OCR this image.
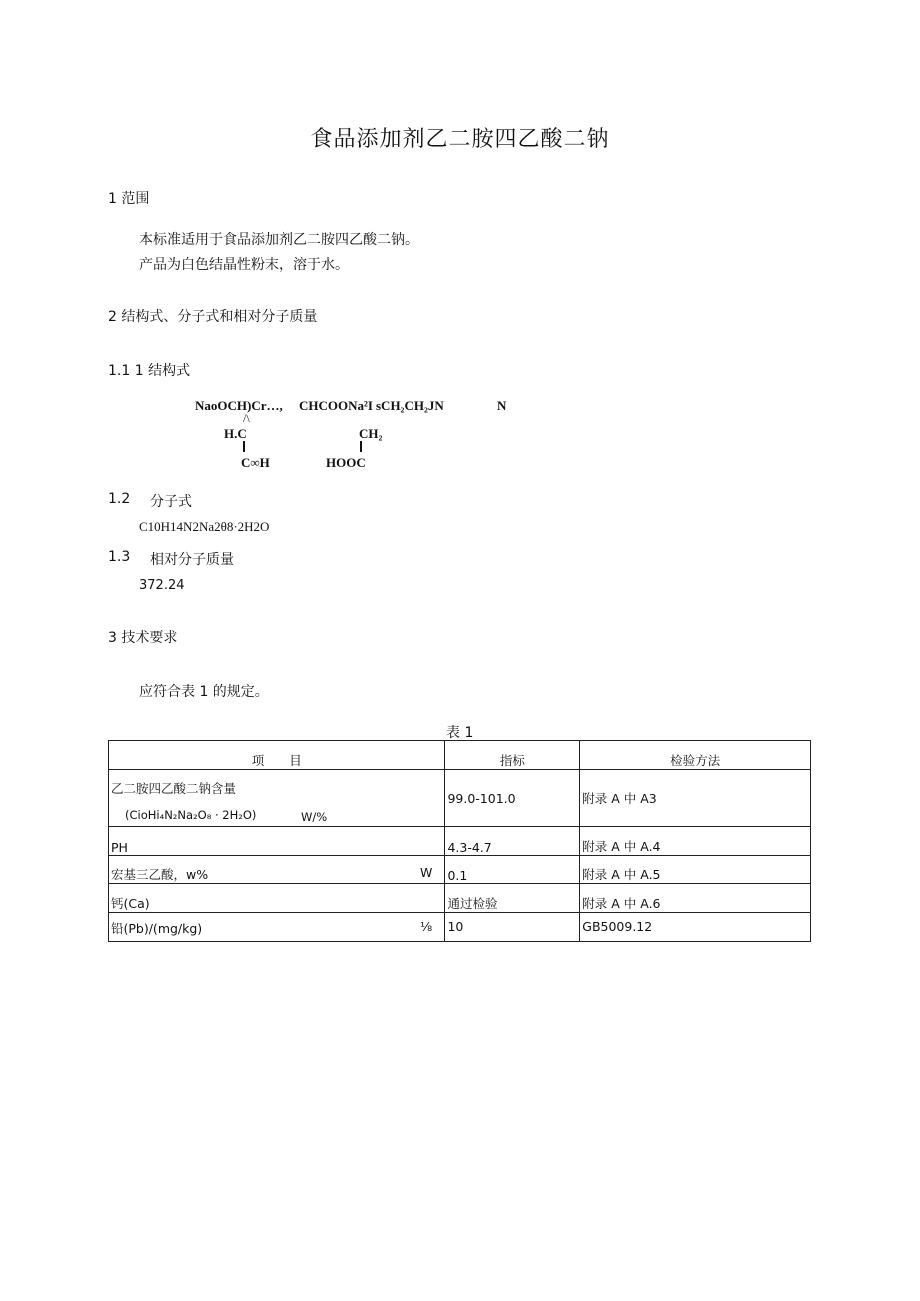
食品添加剂乙二胺四乙酸二钠
1 范围
本标准适用于食品添加剂乙二胺四乙酸二钠。
产品为白色结晶性粉末，溶于水。
2 结构式、分子式和相对分子质量
1.1 1 结构式
NaoOCH)Cr…, CHCOONa²I sCH₂CH₂JN	N
/\
H.C	CH₂
C∞H	HOOC
1.2 分子式
C10H14N2Na2θ8·2H2O
1.3 相对分子质量
372.24
3 技术要求
应符合表 1 的规定。
表 1
项　　目	指标	检验方法

乙二胺四乙酸二钠含量
(CioHi₄N₂Na₂O₈ · 2H₂O) W/%	99.0-101.0	附录 A 中 A3
PH	4.3-4.7	附录 A 中 A.4

宏基三乙酸，w% W	0.1	附录 A 中 A.5
钙(Ca)	通过检验	附录 A 中 A.6

铅(Pb)/(mg/kg) ⅛	10	GB5009.12
